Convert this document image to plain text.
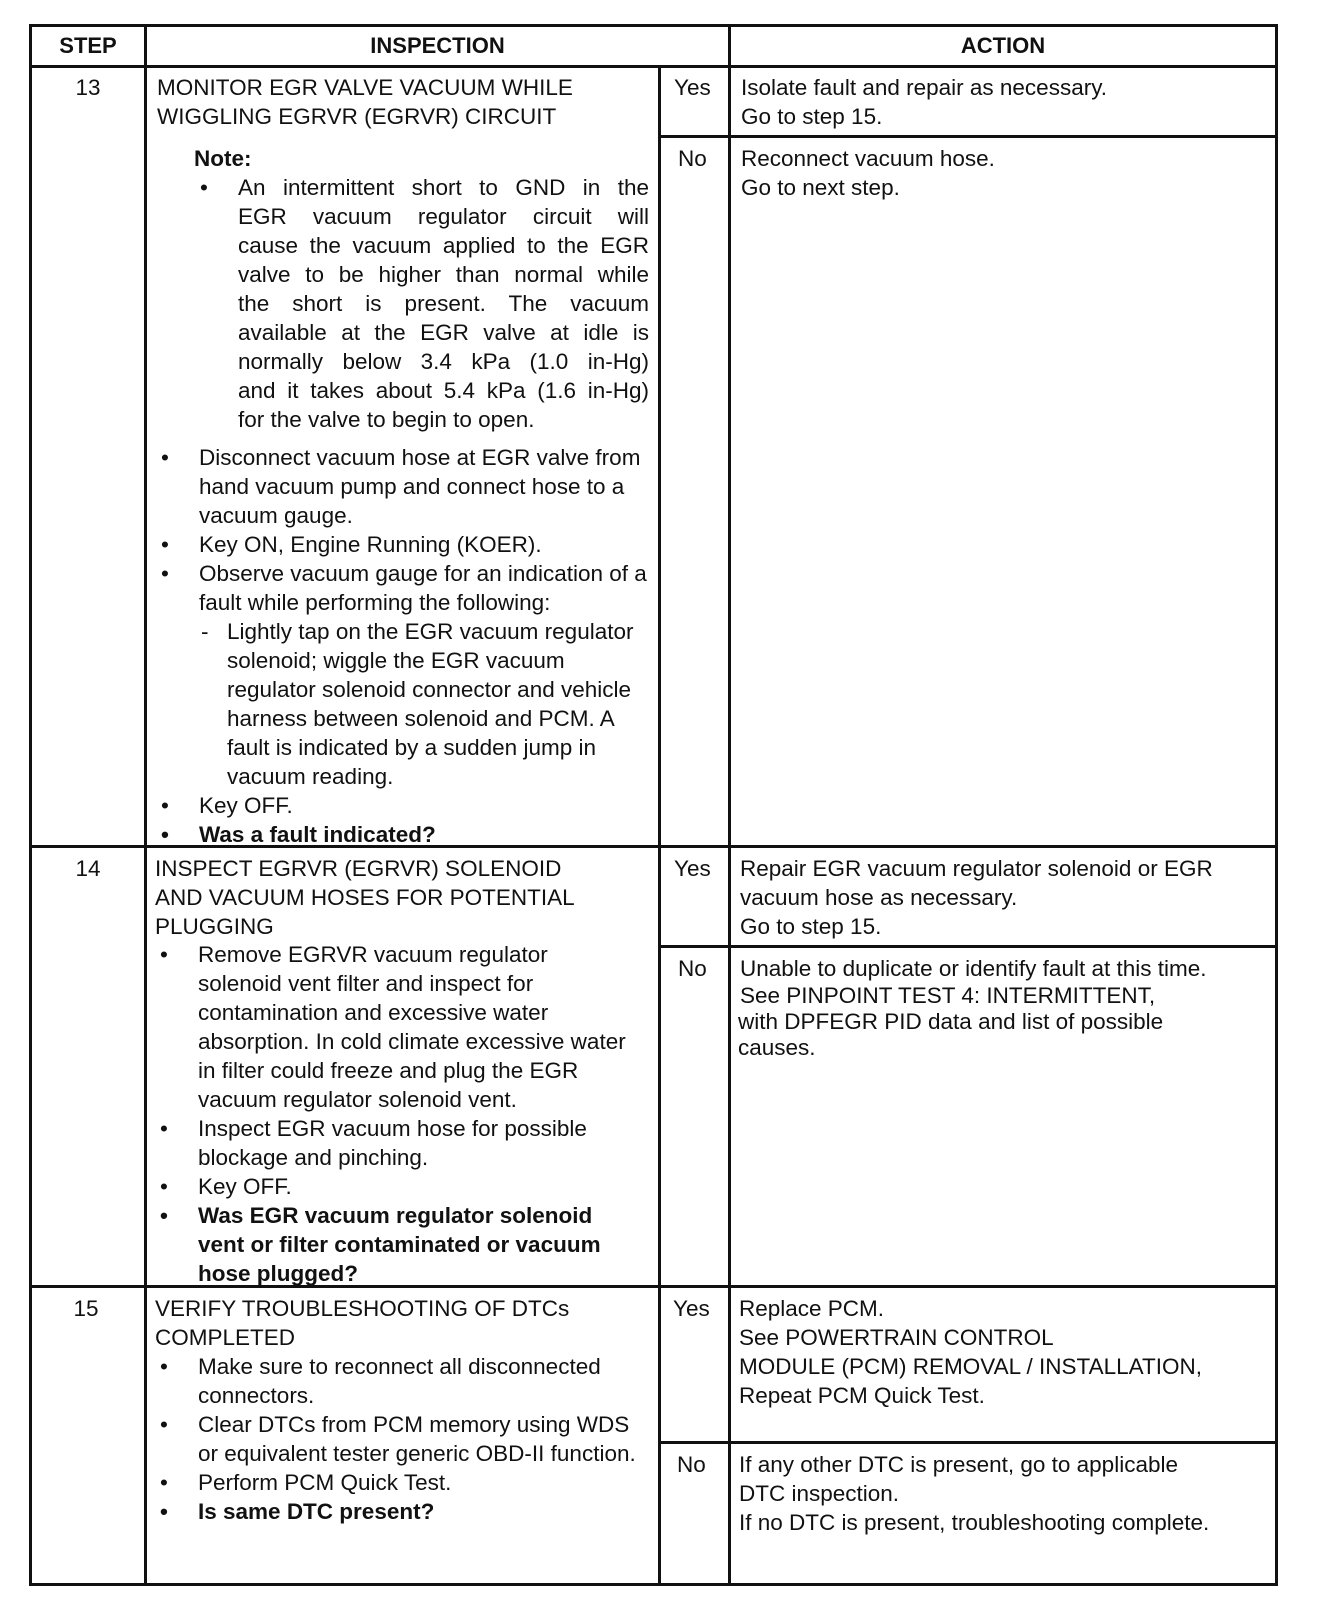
STEP	INSPECTION	ACTION
13	MONITOR EGR VALVE VACUUM WHILE
WIGGLING EGRVR (EGRVR) CIRCUIT
Note:
• An intermittent short to GND in the
EGR vacuum regulator circuit will
cause the vacuum applied to the EGR
valve to be higher than normal while
the short is present. The vacuum
available at the EGR valve at idle is
normally below 3.4 kPa (1.0 in-Hg)
and it takes about 5.4 kPa (1.6 in-Hg)
for the valve to begin to open.
• Disconnect vacuum hose at EGR valve from hand vacuum pump and connect hose to a vacuum gauge.
• Key ON, Engine Running (KOER).
• Observe vacuum gauge for an indication of a fault while performing the following:
- Lightly tap on the EGR vacuum regulator solenoid; wiggle the EGR vacuum regulator solenoid connector and vehicle harness between solenoid and PCM. A fault is indicated by a sudden jump in vacuum reading.
• Key OFF.
• Was a fault indicated?
Yes Isolate fault and repair as necessary.
Go to step 15.
No Reconnect vacuum hose.
Go to next step.
14	INSPECT EGRVR (EGRVR) SOLENOID
AND VACUUM HOSES FOR POTENTIAL
PLUGGING
• Remove EGRVR vacuum regulator solenoid vent filter and inspect for contamination and excessive water absorption. In cold climate excessive water in filter could freeze and plug the EGR vacuum regulator solenoid vent.
• Inspect EGR vacuum hose for possible blockage and pinching.
• Key OFF.
• Was EGR vacuum regulator solenoid vent or filter contaminated or vacuum hose plugged?
Yes Repair EGR vacuum regulator solenoid or EGR
vacuum hose as necessary.
Go to step 15.
No Unable to duplicate or identify fault at this time.
See PINPOINT TEST 4: INTERMITTENT,
with DPFEGR PID data and list of possible
causes.
15	VERIFY TROUBLESHOOTING OF DTCs
COMPLETED
• Make sure to reconnect all disconnected connectors.
• Clear DTCs from PCM memory using WDS or equivalent tester generic OBD-II function.
• Perform PCM Quick Test.
• Is same DTC present?
Yes Replace PCM.
See POWERTRAIN CONTROL
MODULE (PCM) REMOVAL / INSTALLATION,
Repeat PCM Quick Test.
No If any other DTC is present, go to applicable
DTC inspection.
If no DTC is present, troubleshooting complete.
